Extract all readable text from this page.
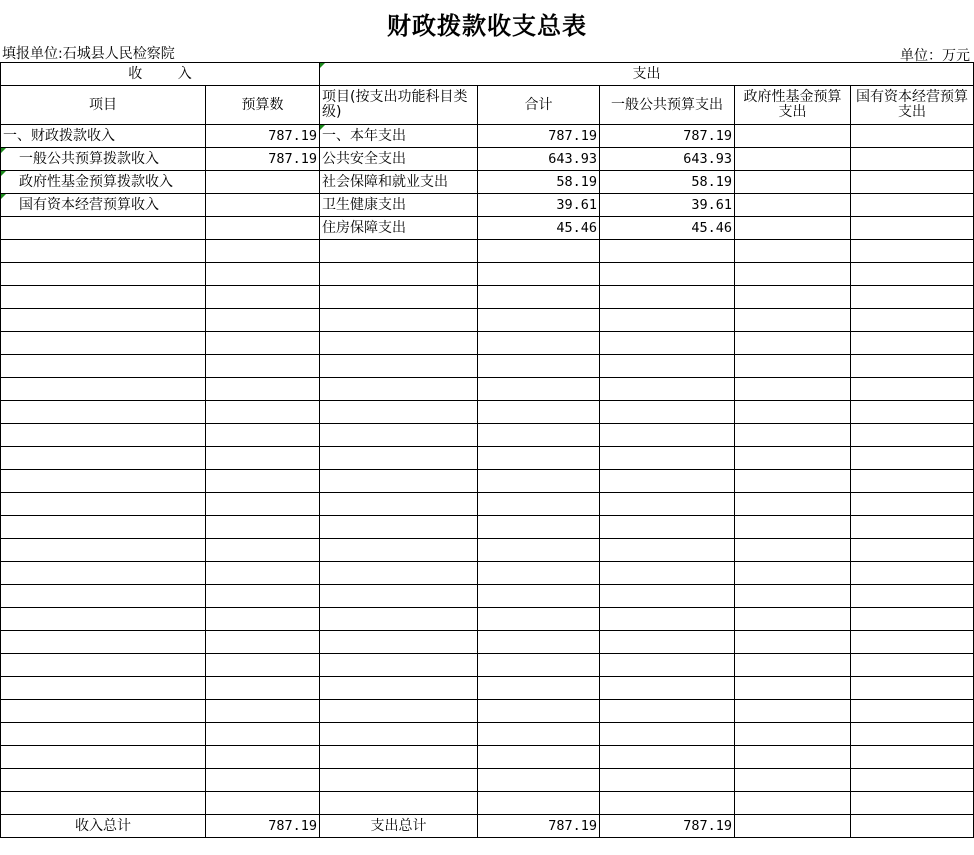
财政拨款收支总表
填报单位:石城县人民检察院	单位：万元
收        入		支出				
项目	预算数	项目(按支出功能科目类级)	合计	一般公共预算支出	政府性基金预算支出	国有资本经营预算支出
一、财政拨款收入	787.19	一、本年支出	787.19	787.19		
一般公共预算拨款收入	787.19	公共安全支出	643.93	643.93		
政府性基金预算拨款收入		社会保障和就业支出	58.19	58.19		
国有资本经营预算收入		卫生健康支出	39.61	39.61		
		住房保障支出	45.46	45.46		

收入总计	787.19	支出总计	787.19	787.19		
